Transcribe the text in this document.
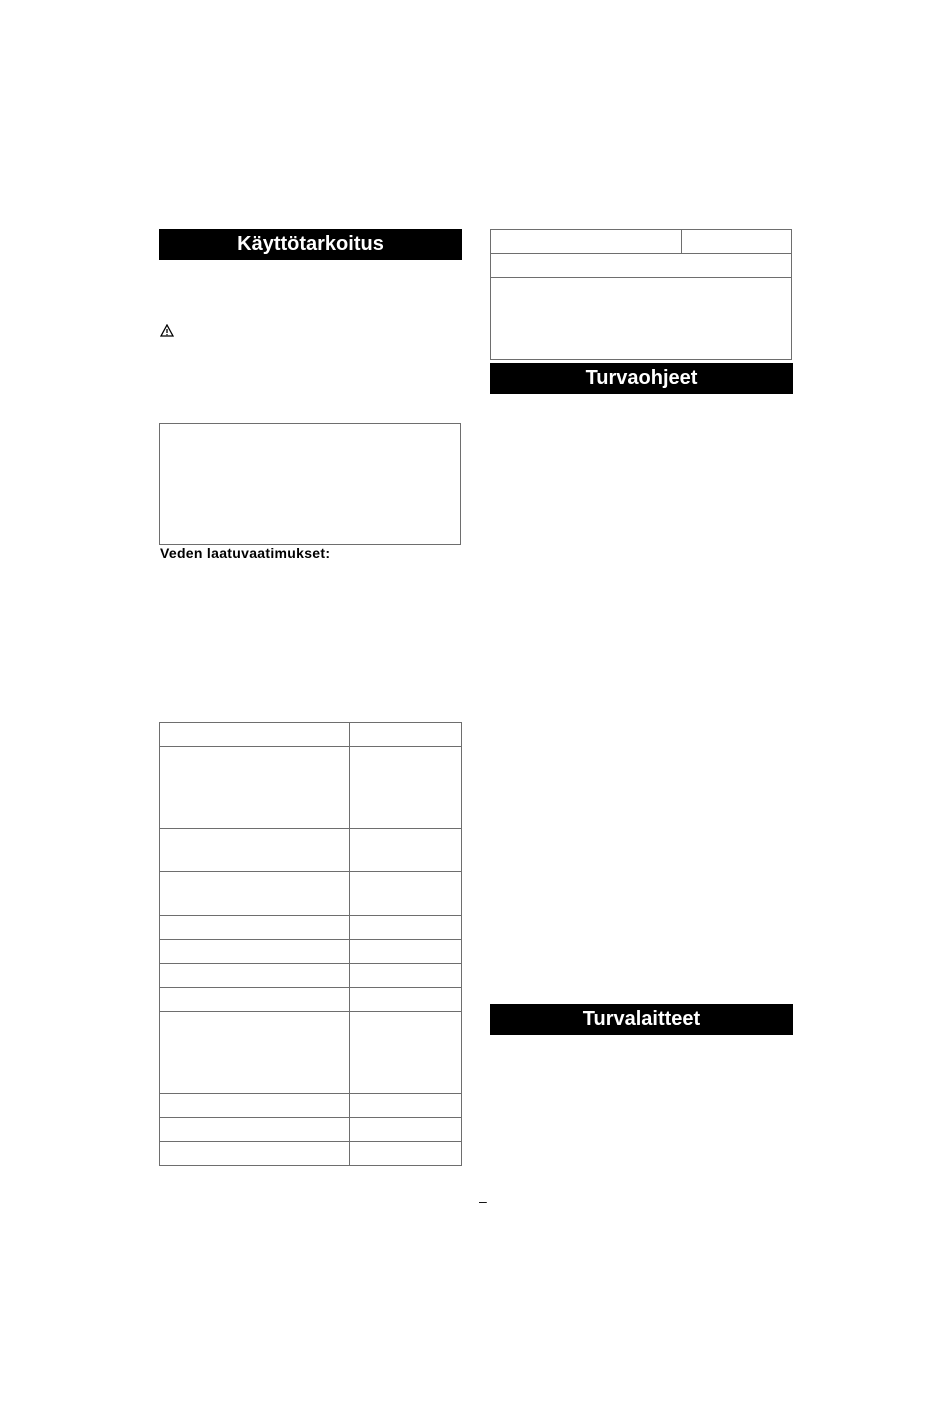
Käyttötarkoitus
Veden laatuvaatimukset:

Turvaohjeet
Turvalaitteet
–
